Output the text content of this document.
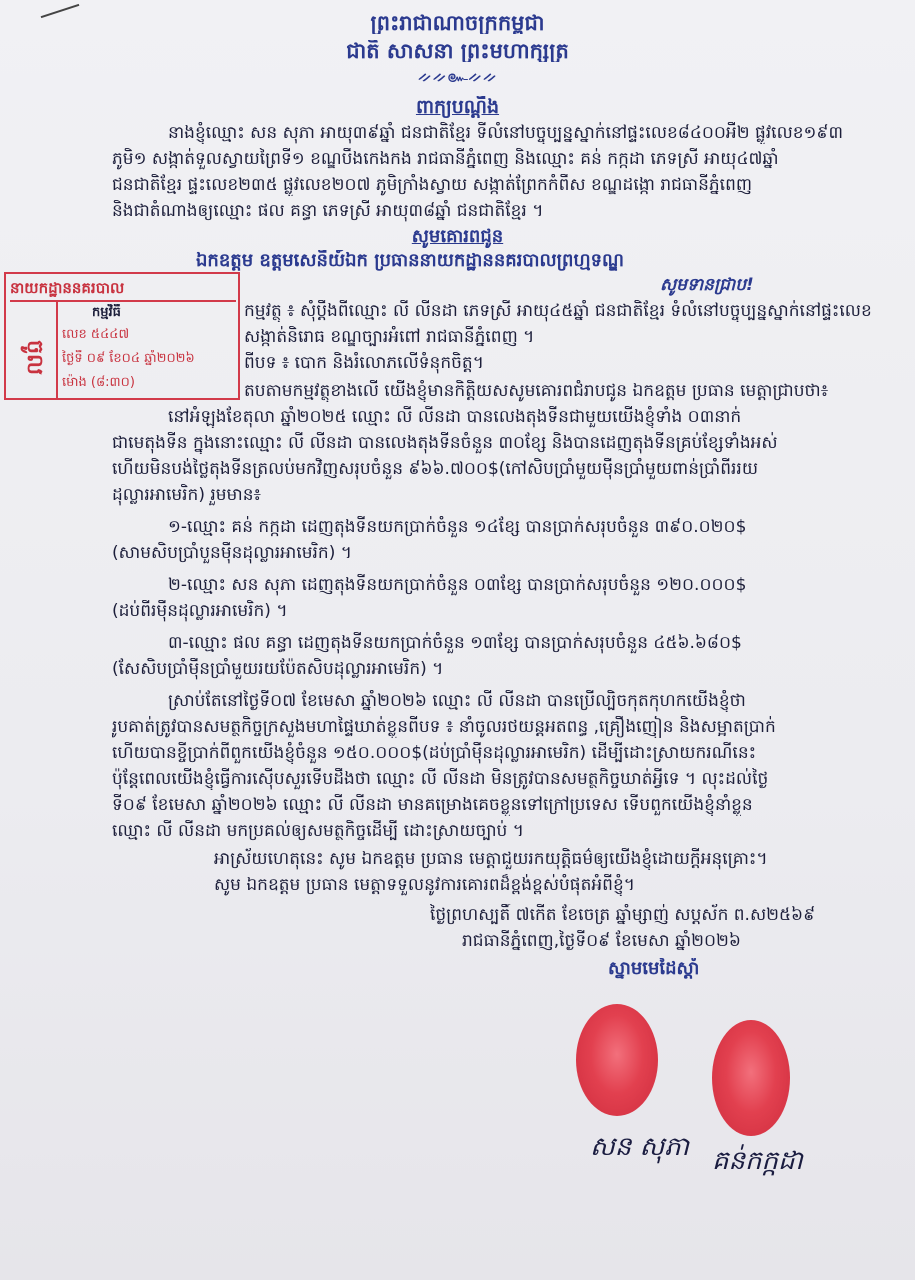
ព្រះរាជាណាចក្រកម្ពុជា
ជាតិ សាសនា ព្រះមហាក្សត្រ
ᨀᨀ๛ᨀᨀ
ពាក្យបណ្ដឹង
នាងខ្ញុំឈ្មោះ សន សុភា អាយុ៣៩ឆ្នាំ ជនជាតិខ្មែរ ទីលំនៅបច្ចុប្បន្នស្នាក់នៅផ្ទះលេខ៨៤០០អឺ២ ផ្លូវលេខ១៩៣
ភូមិ១ សង្កាត់ទួលស្វាយព្រៃទី១ ខណ្ឌបឹងកេងកង រាជធានីភ្នំពេញ និងឈ្មោះ គន់ កក្កដា ភេទស្រី អាយុ៤៧ឆ្នាំ
ជនជាតិខ្មែរ ផ្ទះលេខ២៣៥ ផ្លូវលេខ២០៧ ភូមិក្រាំងស្វាយ សង្កាត់ព្រែកកំពឹស ខណ្ឌដង្កោ រាជធានីភ្នំពេញ
និងជាតំណាងឲ្យឈ្មោះ ផល គន្ធា ភេទស្រី អាយុ៣៨ឆ្នាំ ជនជាតិខ្មែរ ។
សូមគោរពជូន
ឯកឧត្តម ឧត្តមសេនីយ៍ឯក ប្រធាននាយកដ្ឋាននគរបាលព្រហ្មទណ្ឌ
សូមទានជ្រាប!
នាយកដ្ឋាននគរបាល
កម្មវិធី
ចូល
លេខ ៥៤៤៧
ថ្ងៃទី ០៩ ខែ០៤ ឆ្នាំ២០២៦
ម៉ោង (៨:៣០)
កម្មវត្ថុ ៖ សុំប្ដឹងពីឈ្មោះ លី លីនដា ភេទស្រី អាយុ៤៥ឆ្នាំ ជនជាតិខ្មែរ ទំលំនៅបច្ចុប្បន្នស្នាក់នៅផ្ទះលេខ
សង្កាត់និរោធ ខណ្ឌច្បារអំពៅ រាជធានីភ្នំពេញ ។
ពីបទ ៖ បោក និងរំលោភលើទំនុកចិត្ត។
តបតាមកម្មវត្ថុខាងលើ យើងខ្ញុំមានកិត្តិយសសូមគោរពជំរាបជូន ឯកឧត្តម ប្រធាន មេត្តាជ្រាបថា៖
នៅអំឡុងខែតុលា ឆ្នាំ២០២៥ ឈ្មោះ លី លីនដា បានលេងតុងទីនជាមួយយើងខ្ញុំទាំង ០៣នាក់
ជាមេតុងទីន ក្នុងនោះឈ្មោះ លី លីនដា បានលេងតុងទីនចំនួន ៣០ខ្សែ និងបានដេញតុងទីនគ្រប់ខ្សែទាំងអស់
ហើយមិនបង់ថ្លៃតុងទីនត្រលប់មកវិញសរុបចំនួន ៩៦៦.៧០០$(កៅសិបប្រាំមួយម៉ឺនប្រាំមួយពាន់ប្រាំពីររយ
ដុល្លារអាមេរិក) រួមមាន៖
១-ឈ្មោះ គន់ កក្កដា ដេញតុងទីនយកប្រាក់ចំនួន ១៤ខ្សែ បានប្រាក់សរុបចំនួន ៣៩០.០២០$
(សាមសិបប្រាំបួនម៉ឺនដុល្លារអាមេរិក) ។
២-ឈ្មោះ សន សុភា ដេញតុងទីនយកប្រាក់ចំនួន ០៣ខ្សែ បានប្រាក់សរុបចំនួន ១២០.០០០$
(ដប់ពីរម៉ឺនដុល្លារអាមេរិក) ។
៣-ឈ្មោះ ផល គន្ធា ដេញតុងទីនយកប្រាក់ចំនួន ១៣ខ្សែ បានប្រាក់សរុបចំនួន ៤៥៦.៦៨០$
(សែសិបប្រាំម៉ឺនប្រាំមួយរយប៉ែតសិបដុល្លារអាមេរិក) ។
ស្រាប់តែនៅថ្ងៃទី០៧ ខែមេសា ឆ្នាំ២០២៦ ឈ្មោះ លី លីនដា បានប្រើល្បិចកុតកុហកយើងខ្ញុំថា
រូបគាត់ត្រូវបានសមត្ថកិច្ចក្រសួងមហាផ្ទៃឃាត់ខ្លួនពីបទ ៖ នាំចូលរថយន្តអតពន្ធ ,គ្រឿងញៀន និងសម្អាតប្រាក់
ហើយបានខ្ចីប្រាក់ពីពួកយើងខ្ញុំចំនួន ១៥០.០០០$(ដប់ប្រាំម៉ឺនដុល្លារអាមេរិក) ដើម្បីដោះស្រាយករណីនេះ
ប៉ុន្តែពេលយើងខ្ញុំធ្វើការស៊ើបសួរទើបដឹងថា ឈ្មោះ លី លីនដា មិនត្រូវបានសមត្ថកិច្ចឃាត់អ្វីទេ ។ លុះដល់ថ្ងៃ
ទី០៩ ខែមេសា ឆ្នាំ២០២៦ ឈ្មោះ លី លីនដា មានគម្រោងគេចខ្លួនទៅក្រៅប្រទេស ទើបពួកយើងខ្ញុំនាំខ្លួន
ឈ្មោះ លី លីនដា មកប្រគល់ឲ្យសមត្ថកិច្ចដើម្បី ដោះស្រាយច្បាប់ ។
អាស្រ័យហេតុនេះ សូម ឯកឧត្តម ប្រធាន មេត្តាជួយរកយុត្តិធម៌ឲ្យយើងខ្ញុំដោយក្ដីអនុគ្រោះ។
សូម ឯកឧត្តម ប្រធាន មេត្តាទទួលនូវការគោរពដ៏ខ្ពង់ខ្ពស់បំផុតអំពីខ្ញុំ។
ថ្ងៃព្រហស្បតិ៍ ៧កើត ខែចេត្រ ឆ្នាំម្សាញ់ សប្តស័ក ព.ស២៥៦៩
រាជធានីភ្នំពេញ,ថ្ងៃទី០៩ ខែមេសា ឆ្នាំ២០២៦
ស្នាមមេដៃស្ដាំ
សន សុភា គន់កក្កដា
